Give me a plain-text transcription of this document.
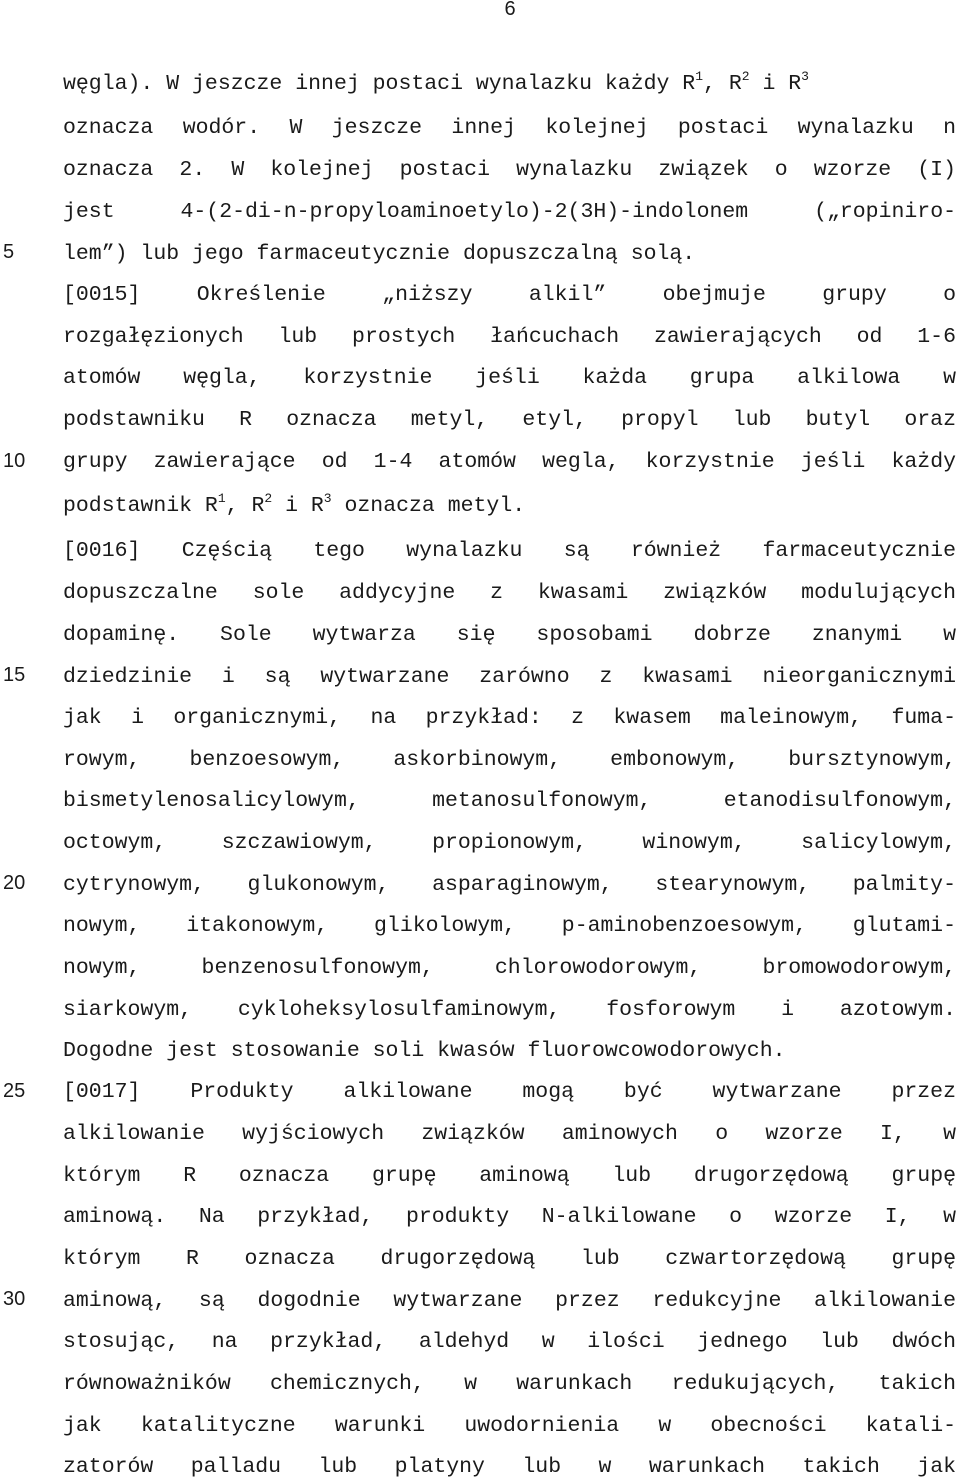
6
5
10
15
20
25
30
węgla). W jeszcze innej postaci wynalazku każdy $R^1$, $R^2$ i $R^3$
oznacza wodór. W jeszcze innej kolejnej postaci wynalazku n
oznacza 2. W kolejnej postaci wynalazku związek o wzorze (I)
jest 4-(2-di-n-propyloaminoetylo)-2(3H)-indolonem („ropiniro-
lem”) lub jego farmaceutycznie dopuszczalną solą.
[0015] Określenie „niższy alkil” obejmuje grupy o
rozgałęzionych lub prostych łańcuchach zawierających od 1-6
atomów węgla, korzystnie jeśli każda grupa alkilowa w
podstawniku R oznacza metyl, etyl, propyl lub butyl oraz
grupy zawierające od 1-4 atomów wegla, korzystnie jeśli każdy
podstawnik $R^1$, $R^2$ i $R^3$ oznacza metyl.
[0016] Częścią tego wynalazku są również farmaceutycznie
dopuszczalne sole addycyjne z kwasami związków modulujących
dopaminę. Sole wytwarza się sposobami dobrze znanymi w
dziedzinie i są wytwarzane zarówno z kwasami nieorganicznymi
jak i organicznymi, na przykład: z kwasem maleinowym, fuma-
rowym, benzoesowym, askorbinowym, embonowym, bursztynowym,
bismetylenosalicylowym, metanosulfonowym, etanodisulfonowym,
octowym, szczawiowym, propionowym, winowym, salicylowym,
cytrynowym, glukonowym, asparaginowym, stearynowym, palmity-
nowym, itakonowym, glikolowym, p-aminobenzoesowym, glutami-
nowym, benzenosulfonowym, chlorowodorowym, bromowodorowym,
siarkowym, cykloheksylosulfaminowym, fosforowym i azotowym.
Dogodne jest stosowanie soli kwasów fluorowcowodorowych.
[0017] Produkty alkilowane mogą być wytwarzane przez
alkilowanie wyjściowych związków aminowych o wzorze I, w
którym R oznacza grupę aminową lub drugorzędową grupę
aminową. Na przykład, produkty N-alkilowane o wzorze I, w
którym R oznacza drugorzędową lub czwartorzędową grupę
aminową, są dogodnie wytwarzane przez redukcyjne alkilowanie
stosując, na przykład, aldehyd w ilości jednego lub dwóch
równoważników chemicznych, w warunkach redukujących, takich
jak katalityczne warunki uwodornienia w obecności katali-
zatorów palladu lub platyny lub w warunkach takich jak
